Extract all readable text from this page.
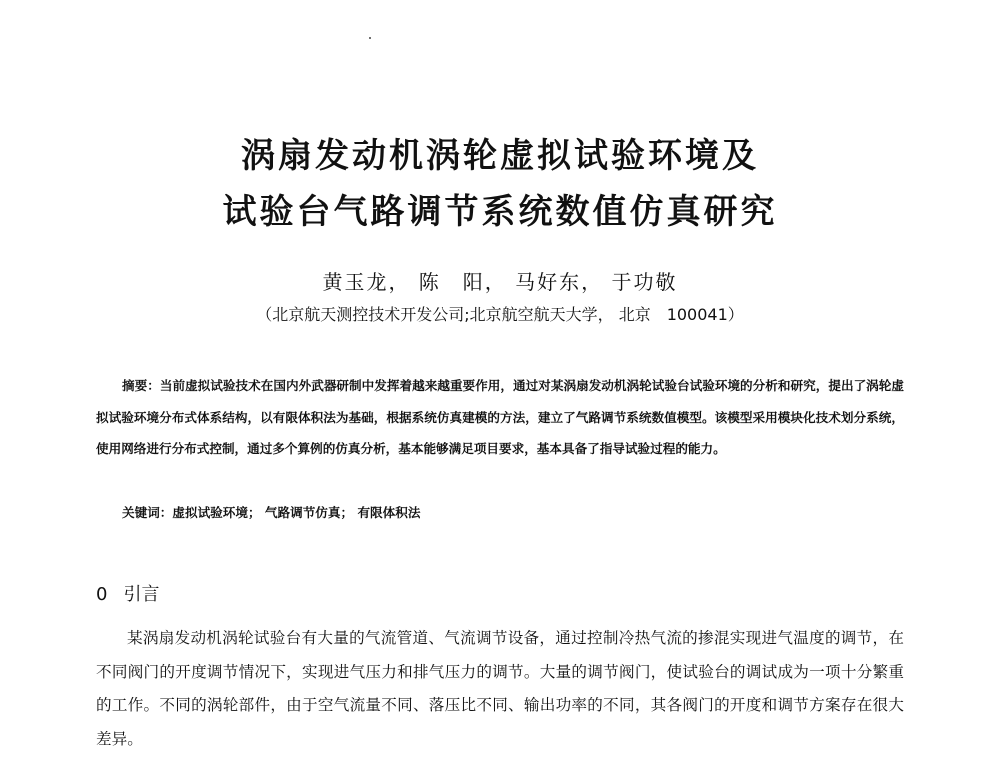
涡扇发动机涡轮虚拟试验环境及
试验台气路调节系统数值仿真研究
黄玉龙， 陈　阳， 马好东， 于功敬
（北京航天测控技术开发公司;北京航空航天大学， 北京　100041）
摘要：当前虚拟试验技术在国内外武器研制中发挥着越来越重要作用，通过对某涡扇发动机涡轮试验台试验环境的分析和研究，提出了涡轮虚拟试验环境分布式体系结构，以有限体积法为基础，根据系统仿真建模的方法，建立了气路调节系统数值模型。该模型采用模块化技术划分系统，使用网络进行分布式控制，通过多个算例的仿真分析，基本能够满足项目要求，基本具备了指导试验过程的能力。
关键词：虚拟试验环境； 气路调节仿真； 有限体积法
0 引言
某涡扇发动机涡轮试验台有大量的气流管道、气流调节设备，通过控制冷热气流的掺混实现进气温度的调节，在不同阀门的开度调节情况下，实现进气压力和排气压力的调节。大量的调节阀门，使试验台的调试成为一项十分繁重的工作。不同的涡轮部件，由于空气流量不同、落压比不同、输出功率的不同，其各阀门的开度和调节方案存在很大差异。
